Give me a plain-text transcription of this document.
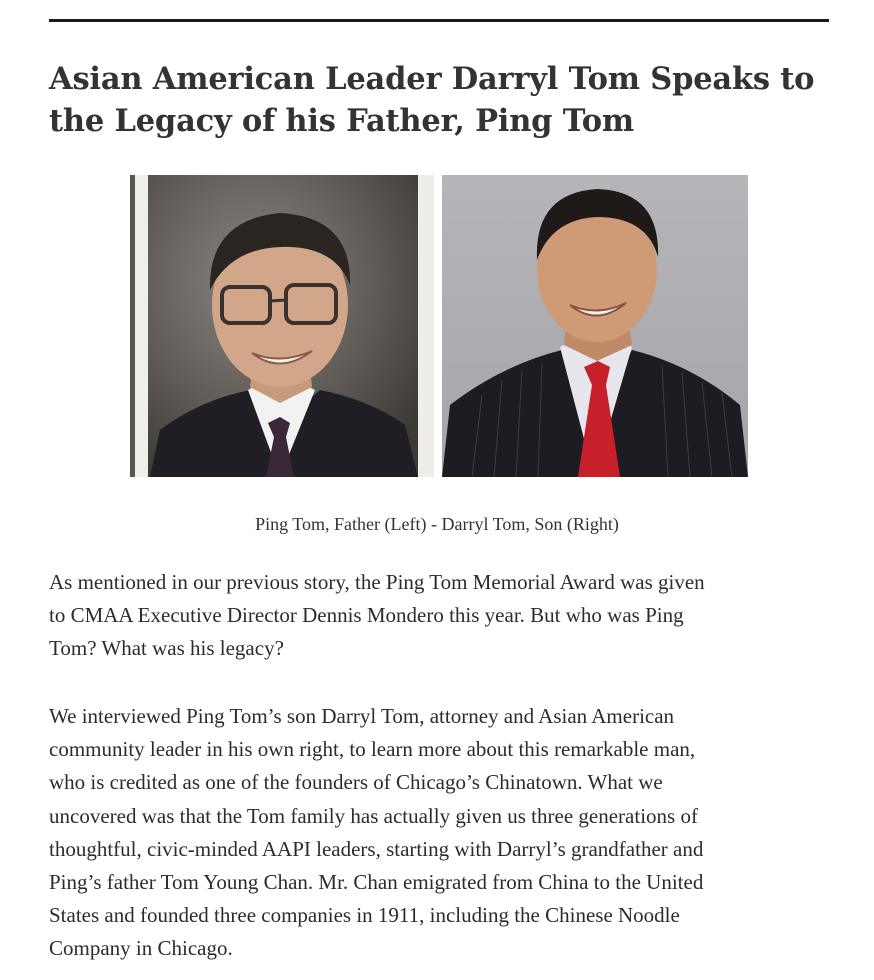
Asian American Leader Darryl Tom Speaks to
the Legacy of his Father, Ping Tom

Ping Tom, Father (Left) - Darryl Tom, Son (Right)

As mentioned in our previous story, the Ping Tom Memorial Award was given
to CMAA Executive Director Dennis Mondero this year. But who was Ping
Tom? What was his legacy?

We interviewed Ping Tom’s son Darryl Tom, attorney and Asian American
community leader in his own right, to learn more about this remarkable man,
who is credited as one of the founders of Chicago’s Chinatown. What we
uncovered was that the Tom family has actually given us three generations of
thoughtful, civic-minded AAPI leaders, starting with Darryl’s grandfather and
Ping’s father Tom Young Chan. Mr. Chan emigrated from China to the United
States and founded three companies in 1911, including the Chinese Noodle
Company in Chicago.
